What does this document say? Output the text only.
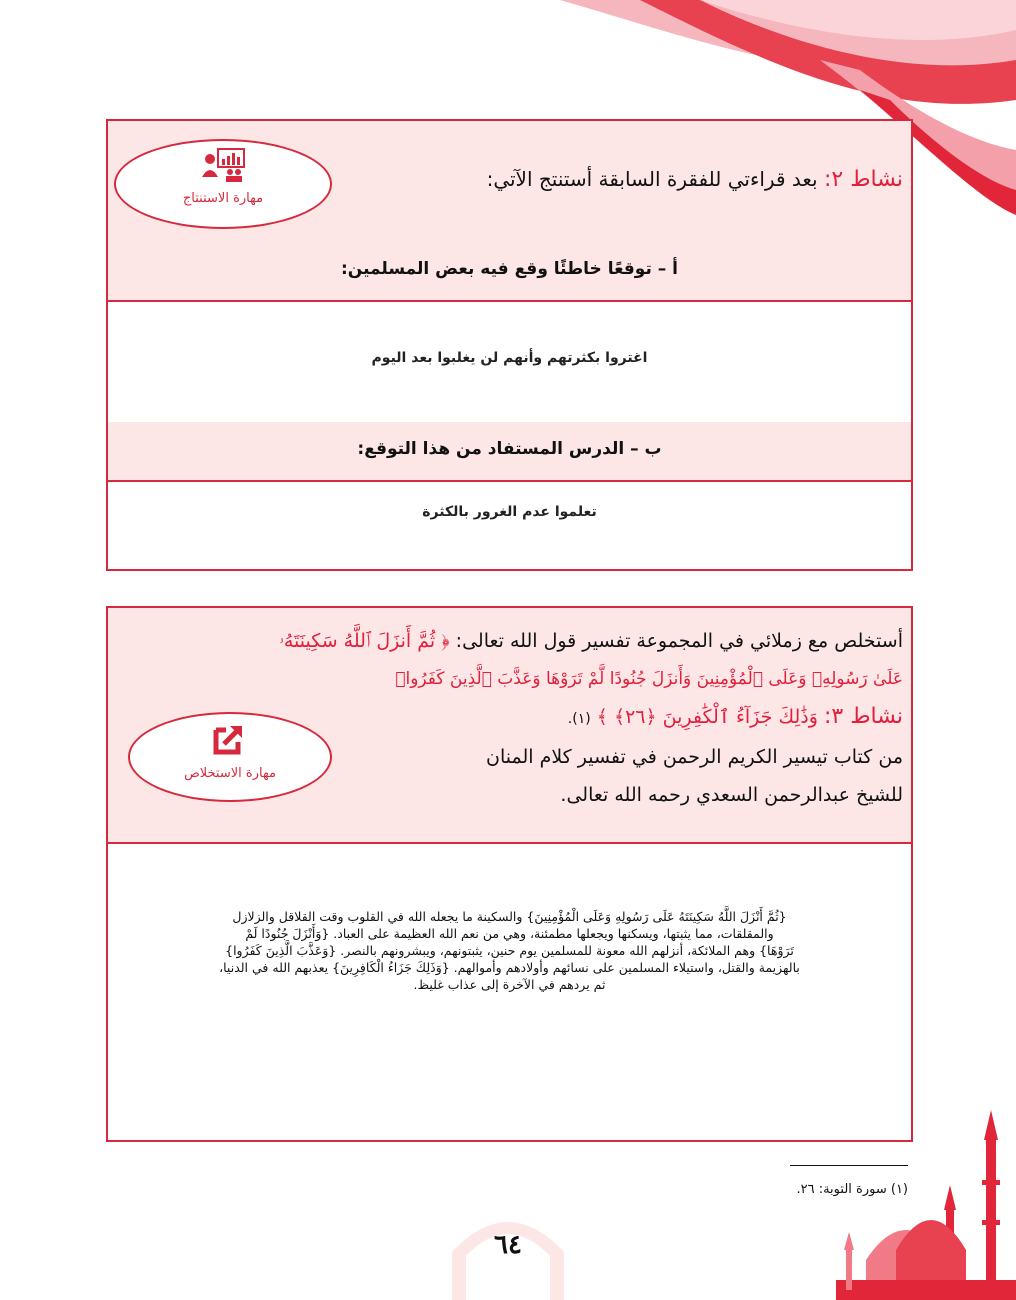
نشاط ٢: بعد قراءتي للفقرة السابقة أستنتج الآتي:
مهارة الاستنتاج
أ – توقعًا خاطئًا وقع فيه بعض المسلمين:
اغتروا بكثرتهم وأنهم لن يغلبوا بعد اليوم
ب – الدرس المستفاد من هذا التوقع:
تعلموا عدم الغرور بالكثرة
أستخلص مع زملائي في المجموعة تفسير قول الله تعالى: ﴿ ثُمَّ أَنزَلَ ٱللَّهُ سَكِينَتَهُۥ
عَلَىٰ رَسُولِهِۦ وَعَلَى ٱلْمُؤْمِنِينَ وَأَنزَلَ جُنُودًا لَّمْ تَرَوْهَا وَعَذَّبَ ٱلَّذِينَ كَفَرُوا۟
نشاط ٣: وَذَٰلِكَ جَزَآءُ ٱلْكَٰفِرِينَ ﴿٢٦﴾ ﴾ (١).
من كتاب تيسير الكريم الرحمن في تفسير كلام المنان
للشيخ عبدالرحمن السعدي رحمه الله تعالى.
مهارة الاستخلاص
{ثُمَّ أَنْزَلَ اللَّهُ سَكِينَتَهُ عَلَى رَسُولِهِ وَعَلَى الْمُؤْمِنِينَ} والسكينة ما يجعله الله في القلوب وقت القلاقل والزلازل
والمقلقات، مما يثبتها، ويسكنها ويجعلها مطمئنة، وهي من نعم الله العظيمة على العباد. {وَأَنْزَلَ جُنُودًا لَمْ
تَرَوْهَا} وهم الملائكة، أنزلهم الله معونة للمسلمين يوم حنين، يثبتونهم، ويبشرونهم بالنصر. {وَعَذَّبَ الَّذِينَ كَفَرُوا}
بالهزيمة والقتل، واستيلاء المسلمين على نسائهم وأولادهم وأموالهم. {وَذَلِكَ جَزَاءُ الْكَافِرِينَ} يعذبهم الله في الدنيا،
ثم يردهم في الآخرة إلى عذاب غليظ.
(١) سورة التوبة: ٢٦.
٦٤
